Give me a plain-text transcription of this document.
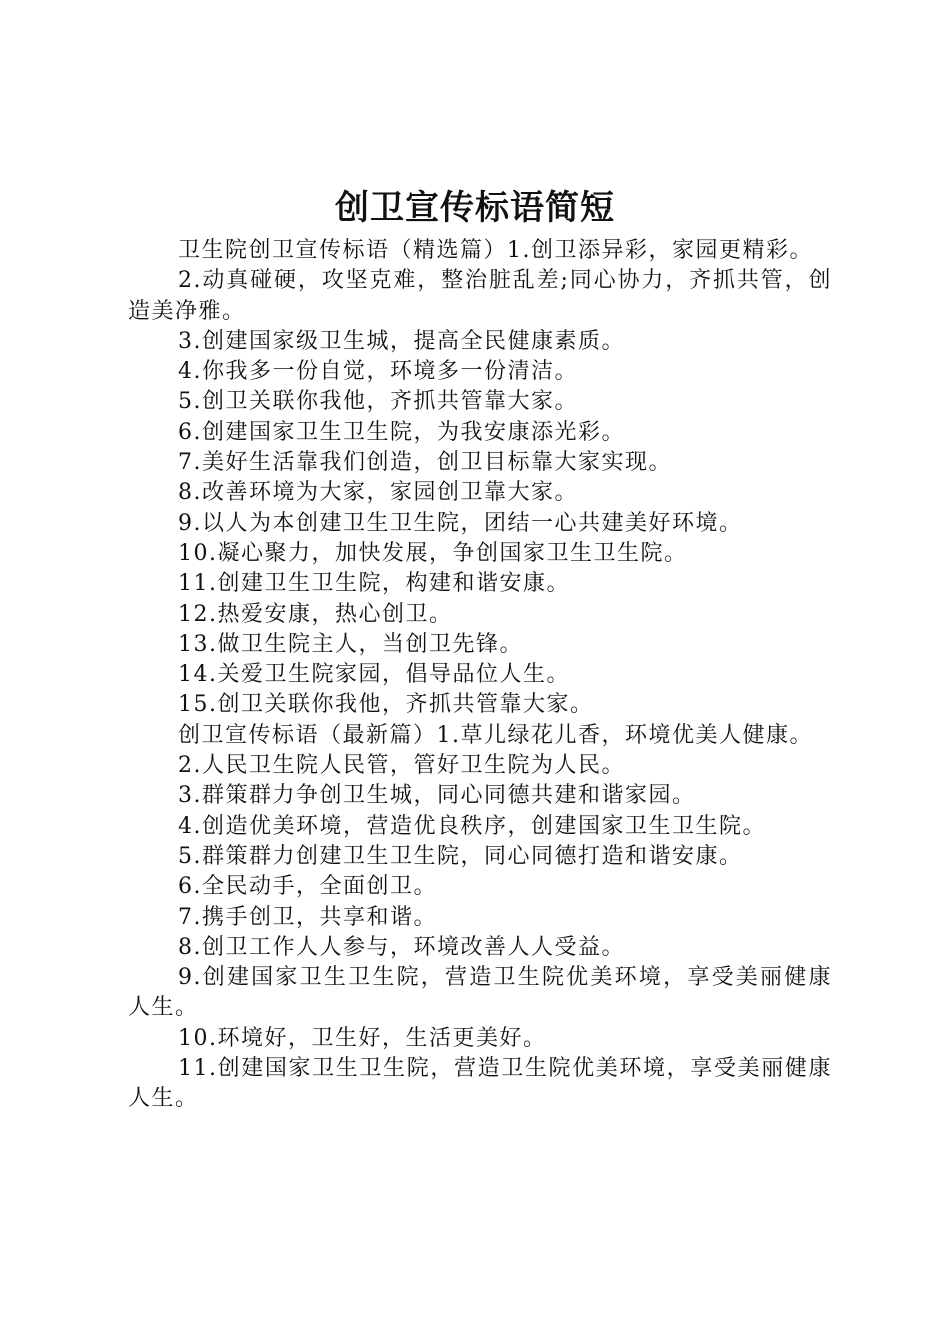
创卫宣传标语简短

卫生院创卫宣传标语（精选篇）1.创卫添异彩，家园更精彩。

2.动真碰硬，攻坚克难，整治脏乱差;同心协力，齐抓共管，创造美净雅。

3.创建国家级卫生城，提高全民健康素质。

4.你我多一份自觉，环境多一份清洁。

5.创卫关联你我他，齐抓共管靠大家。

6.创建国家卫生卫生院，为我安康添光彩。

7.美好生活靠我们创造，创卫目标靠大家实现。

8.改善环境为大家，家园创卫靠大家。

9.以人为本创建卫生卫生院，团结一心共建美好环境。

10.凝心聚力，加快发展，争创国家卫生卫生院。

11.创建卫生卫生院，构建和谐安康。

12.热爱安康，热心创卫。

13.做卫生院主人，当创卫先锋。

14.关爱卫生院家园，倡导品位人生。

15.创卫关联你我他，齐抓共管靠大家。

创卫宣传标语（最新篇）1.草儿绿花儿香，环境优美人健康。

2.人民卫生院人民管，管好卫生院为人民。

3.群策群力争创卫生城，同心同德共建和谐家园。

4.创造优美环境，营造优良秩序，创建国家卫生卫生院。

5.群策群力创建卫生卫生院，同心同德打造和谐安康。

6.全民动手，全面创卫。

7.携手创卫，共享和谐。

8.创卫工作人人参与，环境改善人人受益。

9.创建国家卫生卫生院，营造卫生院优美环境，享受美丽健康人生。

10.环境好，卫生好，生活更美好。

11.创建国家卫生卫生院，营造卫生院优美环境，享受美丽健康人生。
